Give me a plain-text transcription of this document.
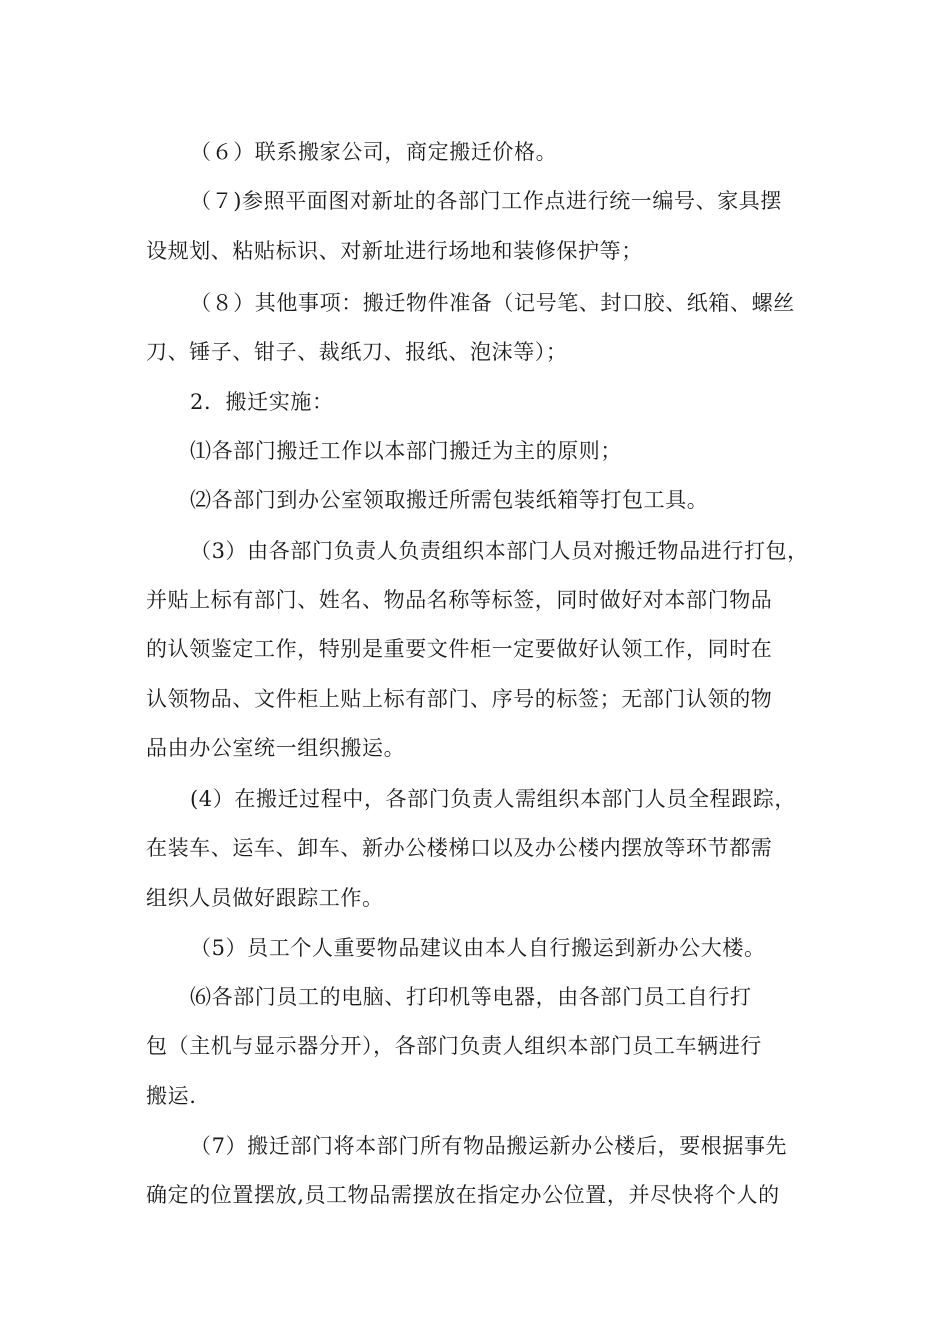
（６）联系搬家公司，商定搬迁价格。
（７)参照平面图对新址的各部门工作点进行统一编号、家具摆
设规划、粘贴标识、对新址进行场地和装修保护等；
（８）其他事项：搬迁物件准备（记号笔、封口胶、纸箱、螺丝
刀、锤子、钳子、裁纸刀、报纸、泡沫等）；
2．搬迁实施：
⑴各部门搬迁工作以本部门搬迁为主的原则；
⑵各部门到办公室领取搬迁所需包装纸箱等打包工具。
（3）由各部门负责人负责组织本部门人员对搬迁物品进行打包，
并贴上标有部门、姓名、物品名称等标签，同时做好对本部门物品
的认领鉴定工作，特别是重要文件柜一定要做好认领工作，同时在
认领物品、文件柜上贴上标有部门、序号的标签；无部门认领的物
品由办公室统一组织搬运。
(4）在搬迁过程中，各部门负责人需组织本部门人员全程跟踪，
在装车、运车、卸车、新办公楼梯口以及办公楼内摆放等环节都需
组织人员做好跟踪工作。
（5）员工个人重要物品建议由本人自行搬运到新办公大楼。
⑹各部门员工的电脑、打印机等电器，由各部门员工自行打
包（主机与显示器分开），各部门负责人组织本部门员工车辆进行
搬运.
（7）搬迁部门将本部门所有物品搬运新办公楼后，要根据事先
确定的位置摆放,员工物品需摆放在指定办公位置，并尽快将个人的
